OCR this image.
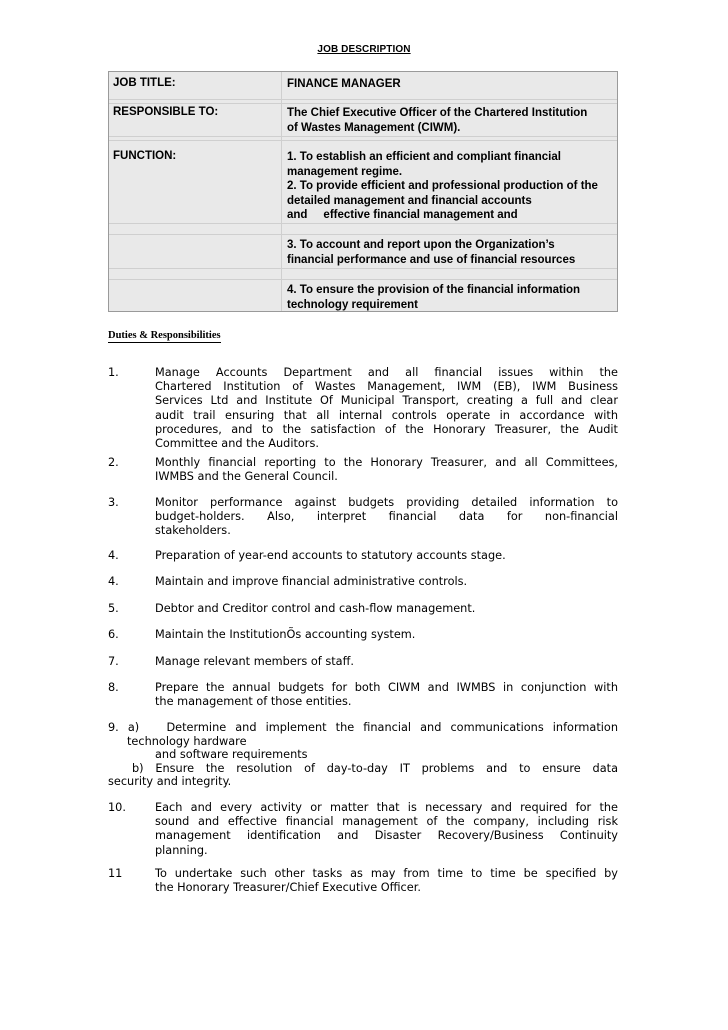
JOB DESCRIPTION
JOB TITLE:	FINANCE MANAGER
RESPONSIBLE TO:	The Chief Executive Officer of the Chartered Institution
of Wastes Management (CIWM).
FUNCTION:	1. To establish an efficient and compliant financial
management regime.
2. To provide efficient and professional production of the
detailed management and financial accounts
and     effective financial management and
3. To account and report upon the Organization’s
financial performance and use of financial resources
4. To ensure the provision of the financial information
technology requirement
Duties & Responsibilities
1.	Manage Accounts Department and all financial issues within the
Chartered Institution of Wastes Management, IWM (EB), IWM Business
Services Ltd and Institute Of Municipal Transport, creating a full and clear
audit trail ensuring that all internal controls operate in accordance with
procedures, and to the satisfaction of the Honorary Treasurer, the Audit
Committee and the Auditors.
2.	Monthly financial reporting to the Honorary Treasurer, and all Committees,
IWMBS and the General Council.
3.	Monitor performance against budgets providing detailed information to
budget-holders. Also, interpret financial data for non-financial
stakeholders.
4.	Preparation of year-end accounts to statutory accounts stage.
4.	Maintain and improve financial administrative controls.
5.	Debtor and Creditor control and cash-flow management.
6.	Maintain the InstitutionÕs accounting system.
7.	Manage relevant members of staff.
8.	Prepare the annual budgets for both CIWM and IWMBS in conjunction with
the management of those entities.
9. a)   Determine and implement the financial and communications information
technology hardware
and software requirements
b)  Ensure  the  resolution  of  day-to-day  IT  problems  and  to  ensure  data
security and integrity.
10.	Each and every activity or matter that is necessary and required for the
sound and effective financial management of the company, including risk
management identification and Disaster Recovery/Business Continuity
planning.
11	To undertake such other tasks as may from time to time be specified by
the Honorary Treasurer/Chief Executive Officer.
